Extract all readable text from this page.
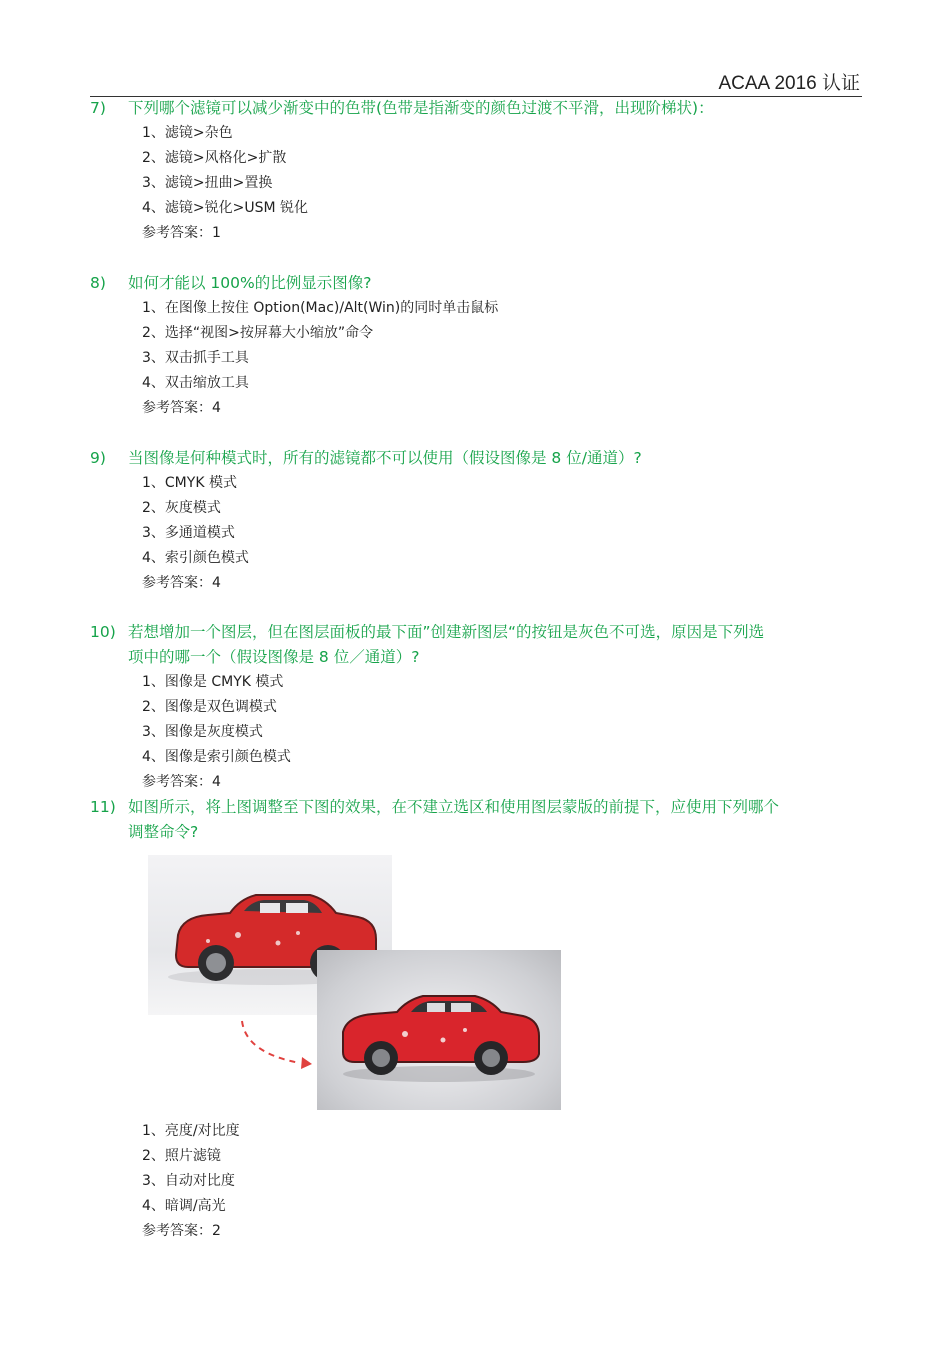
ACAA 2016 认证
7) 下列哪个滤镜可以减少渐变中的色带(色带是指渐变的颜色过渡不平滑，出现阶梯状)：
1、滤镜>杂色
2、滤镜>风格化>扩散
3、滤镜>扭曲>置换
4、滤镜>锐化>USM 锐化
参考答案：1
8) 如何才能以 100%的比例显示图像?
1、在图像上按住 Option(Mac)/Alt(Win)的同时单击鼠标
2、选择“视图>按屏幕大小缩放”命令
3、双击抓手工具
4、双击缩放工具
参考答案：4
9) 当图像是何种模式时，所有的滤镜都不可以使用（假设图像是 8 位/通道）?
1、CMYK 模式
2、灰度模式
3、多通道模式
4、索引颜色模式
参考答案：4
10) 若想增加一个图层，但在图层面板的最下面”创建新图层“的按钮是灰色不可选，原因是下列选
项中的哪一个（假设图像是 8 位／通道）?
1、图像是 CMYK 模式
2、图像是双色调模式
3、图像是灰度模式
4、图像是索引颜色模式
参考答案：4
11) 如图所示，将上图调整至下图的效果，在不建立选区和使用图层蒙版的前提下，应使用下列哪个
调整命令?
1、亮度/对比度
2、照片滤镜
3、自动对比度
4、暗调/高光
参考答案：2
